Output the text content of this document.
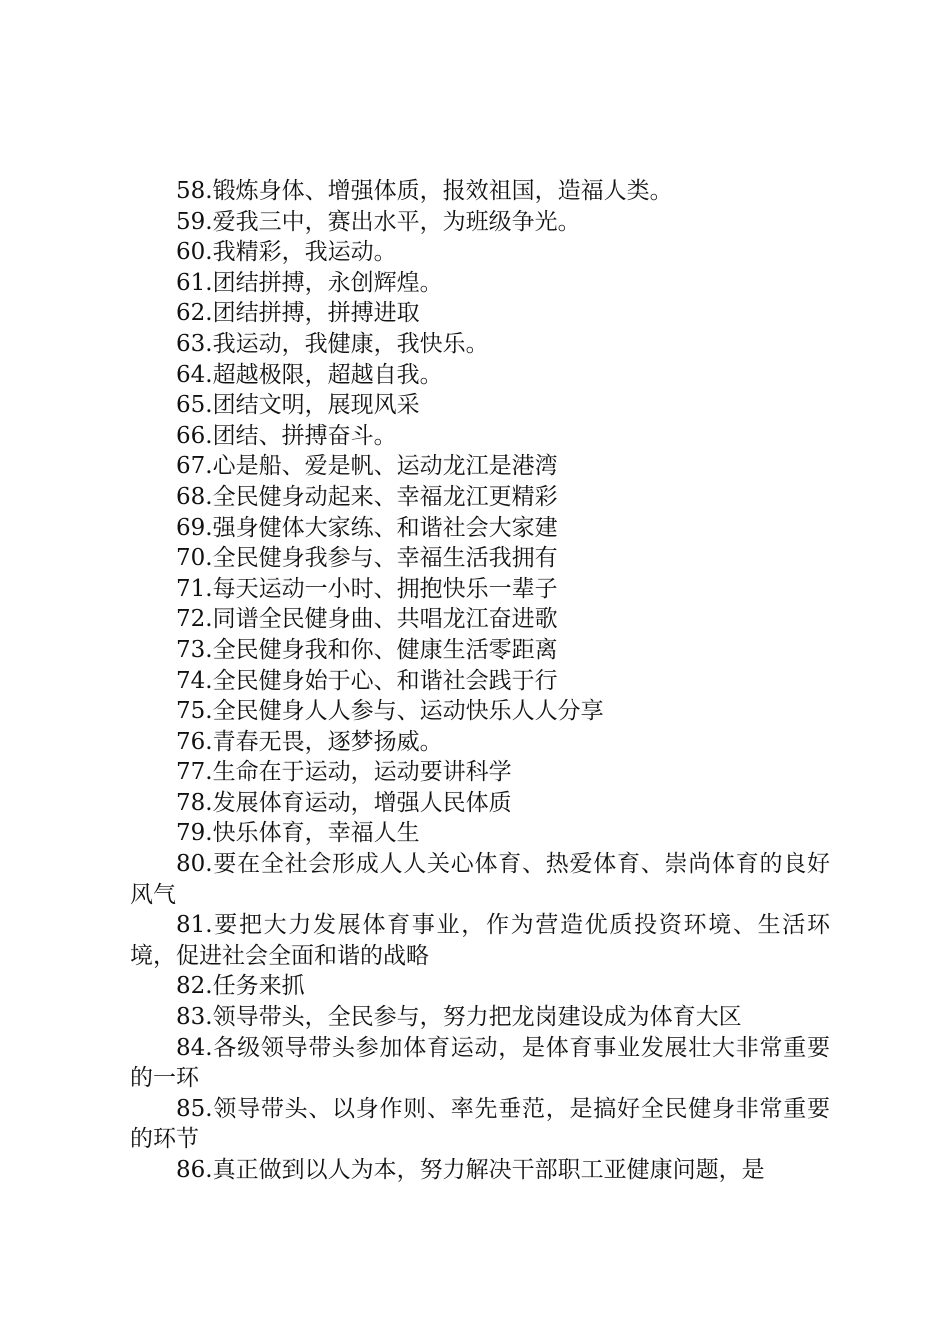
58.锻炼身体、增强体质，报效祖国，造福人类。

59.爱我三中，赛出水平，为班级争光。

60.我精彩，我运动。

61.团结拼搏，永创辉煌。

62.团结拼搏，拼搏进取

63.我运动，我健康，我快乐。

64.超越极限，超越自我。

65.团结文明，展现风采

66.团结、拼搏奋斗。

67.心是船、爱是帆、运动龙江是港湾

68.全民健身动起来、幸福龙江更精彩

69.强身健体大家练、和谐社会大家建

70.全民健身我参与、幸福生活我拥有

71.每天运动一小时、拥抱快乐一辈子

72.同谱全民健身曲、共唱龙江奋进歌

73.全民健身我和你、健康生活零距离

74.全民健身始于心、和谐社会践于行

75.全民健身人人参与、运动快乐人人分享

76.青春无畏，逐梦扬威。

77.生命在于运动，运动要讲科学

78.发展体育运动，增强人民体质

79.快乐体育，幸福人生

80.要在全社会形成人人关心体育、热爱体育、崇尚体育的良好风气

81.要把大力发展体育事业，作为营造优质投资环境、生活环境，促进社会全面和谐的战略

82.任务来抓

83.领导带头，全民参与，努力把龙岗建设成为体育大区

84.各级领导带头参加体育运动，是体育事业发展壮大非常重要的一环

85.领导带头、以身作则、率先垂范，是搞好全民健身非常重要的环节

86.真正做到以人为本，努力解决干部职工亚健康问题，是
